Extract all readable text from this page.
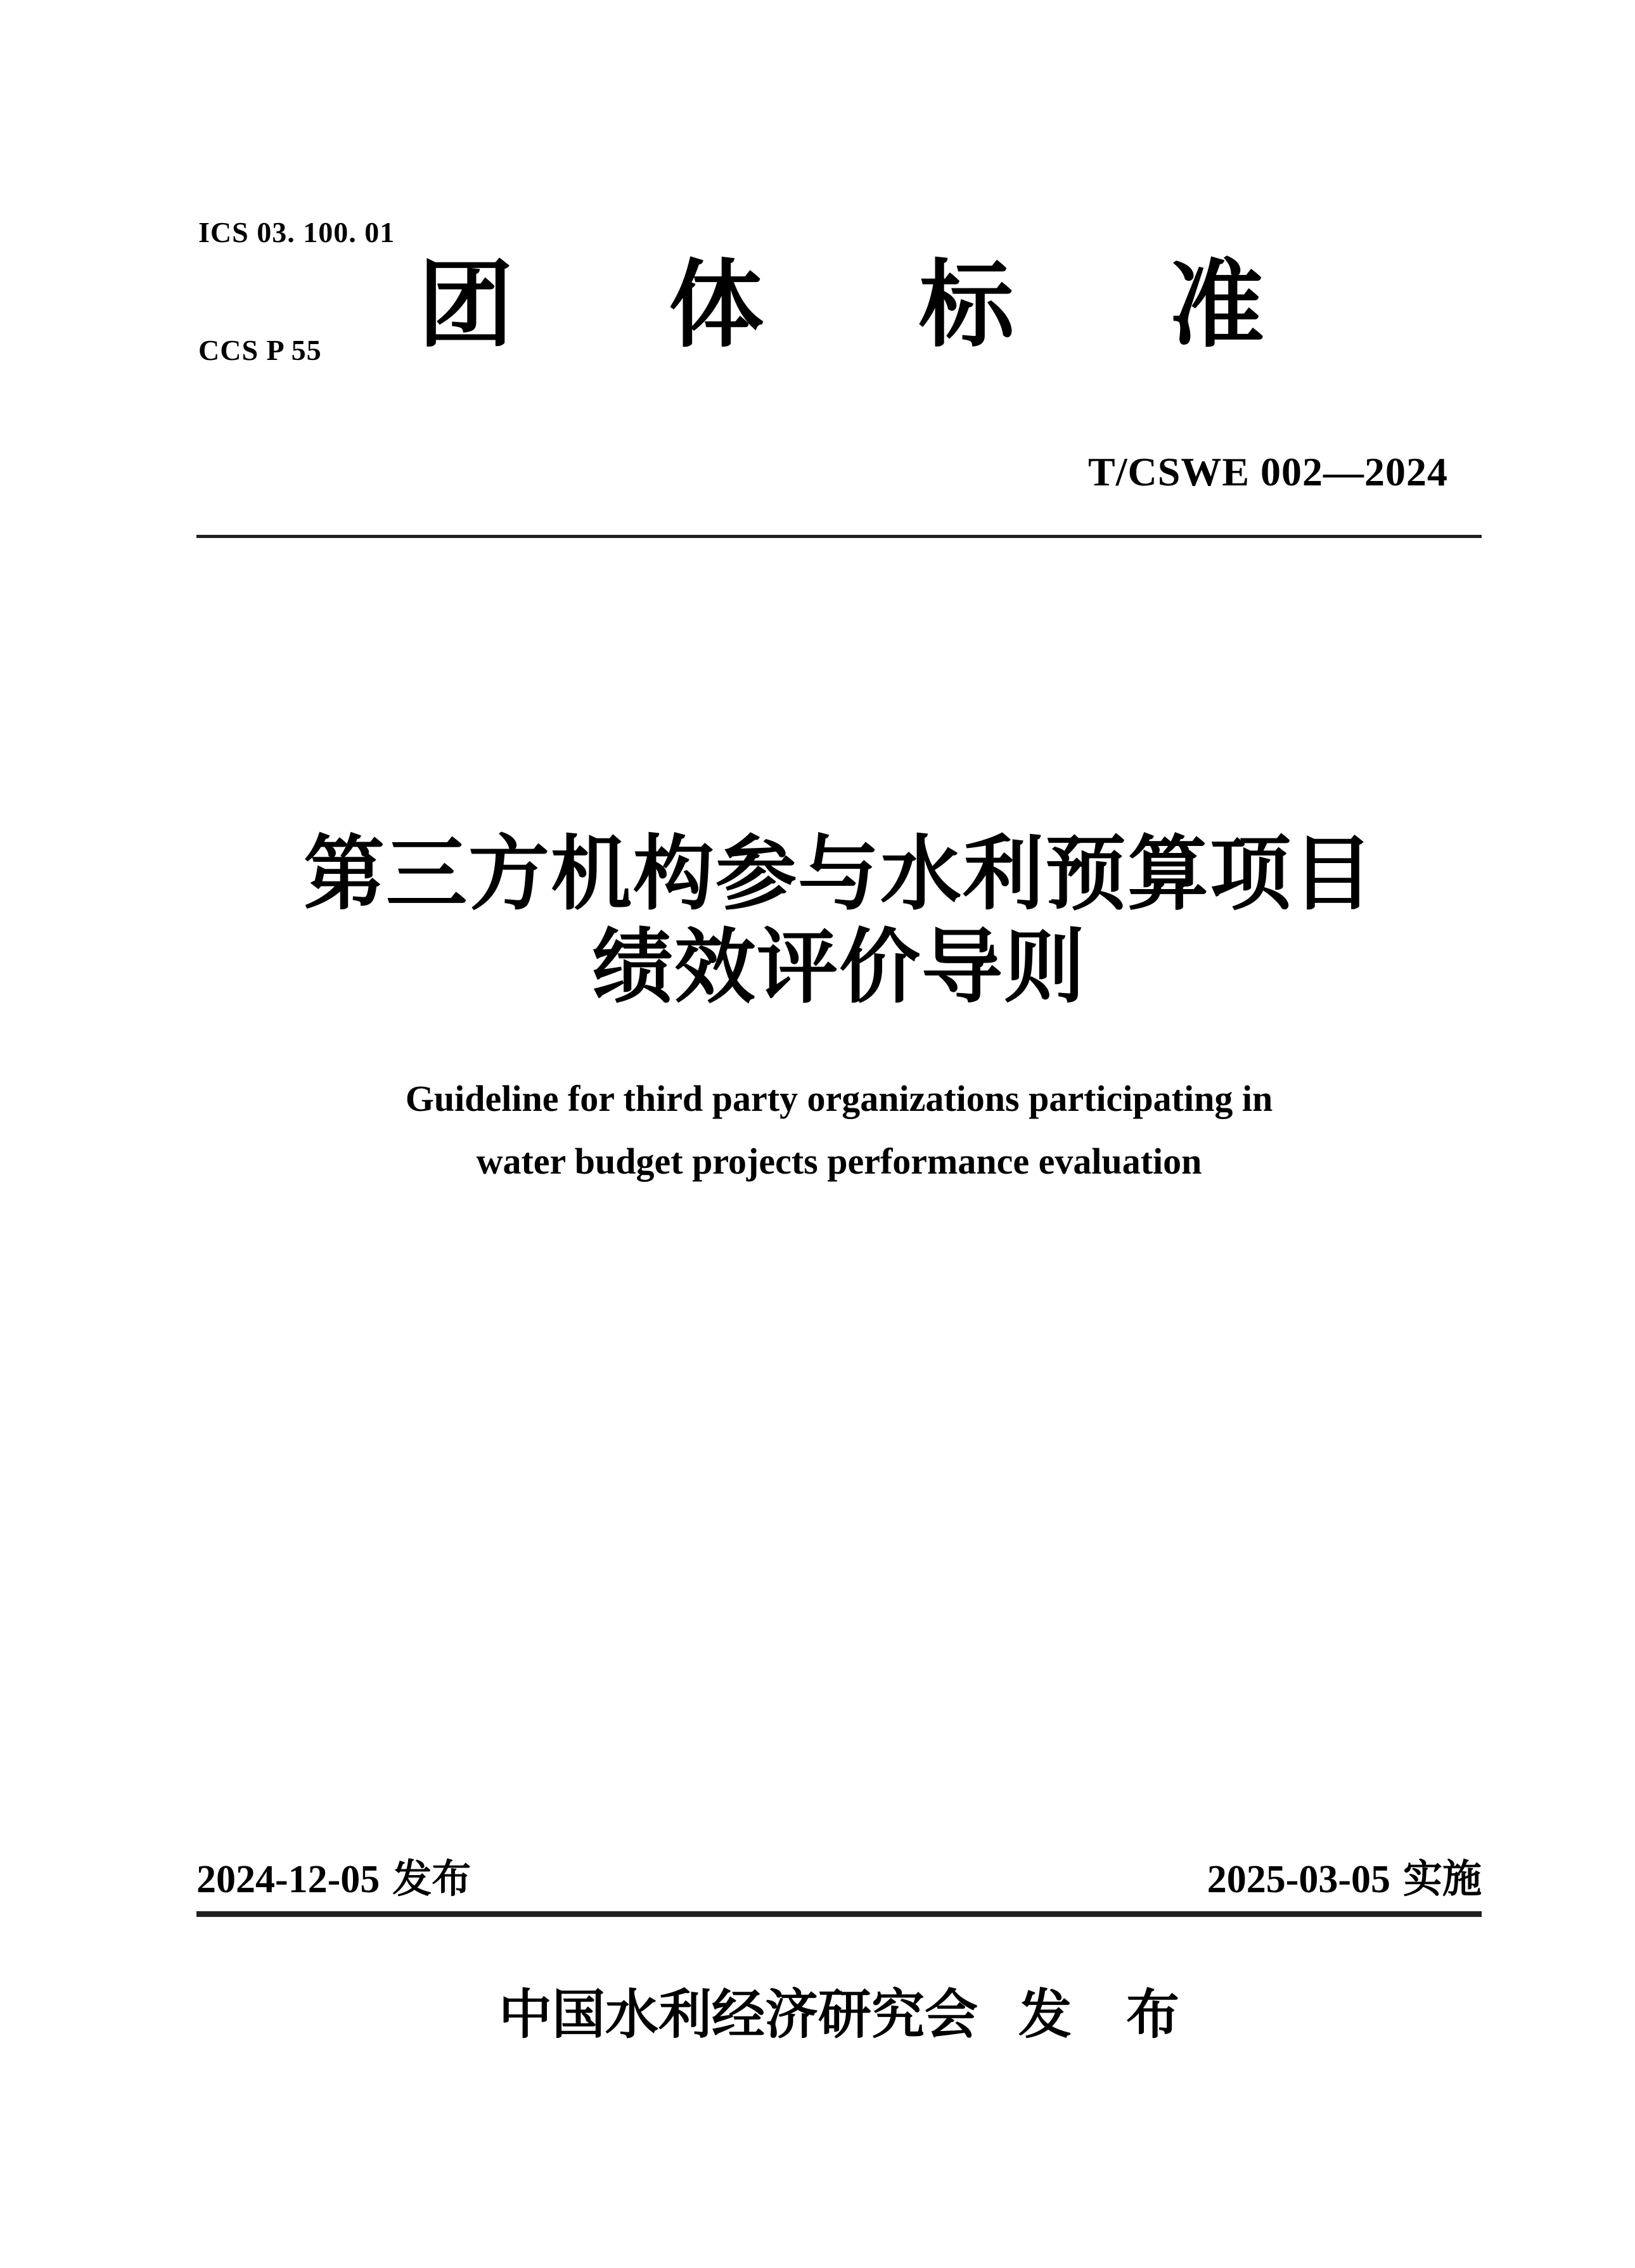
ICS 03. 100. 01

CCS P 55

	团 体 标 准
T/CSWE 002—2024
第三方机构参与水利预算项目
绩效评价导则
Guideline for third party organizations participating in
water budget projects performance evaluation
2024-12-05 发布	2025-03-05 实施
中国水利经济研究会 发 布
